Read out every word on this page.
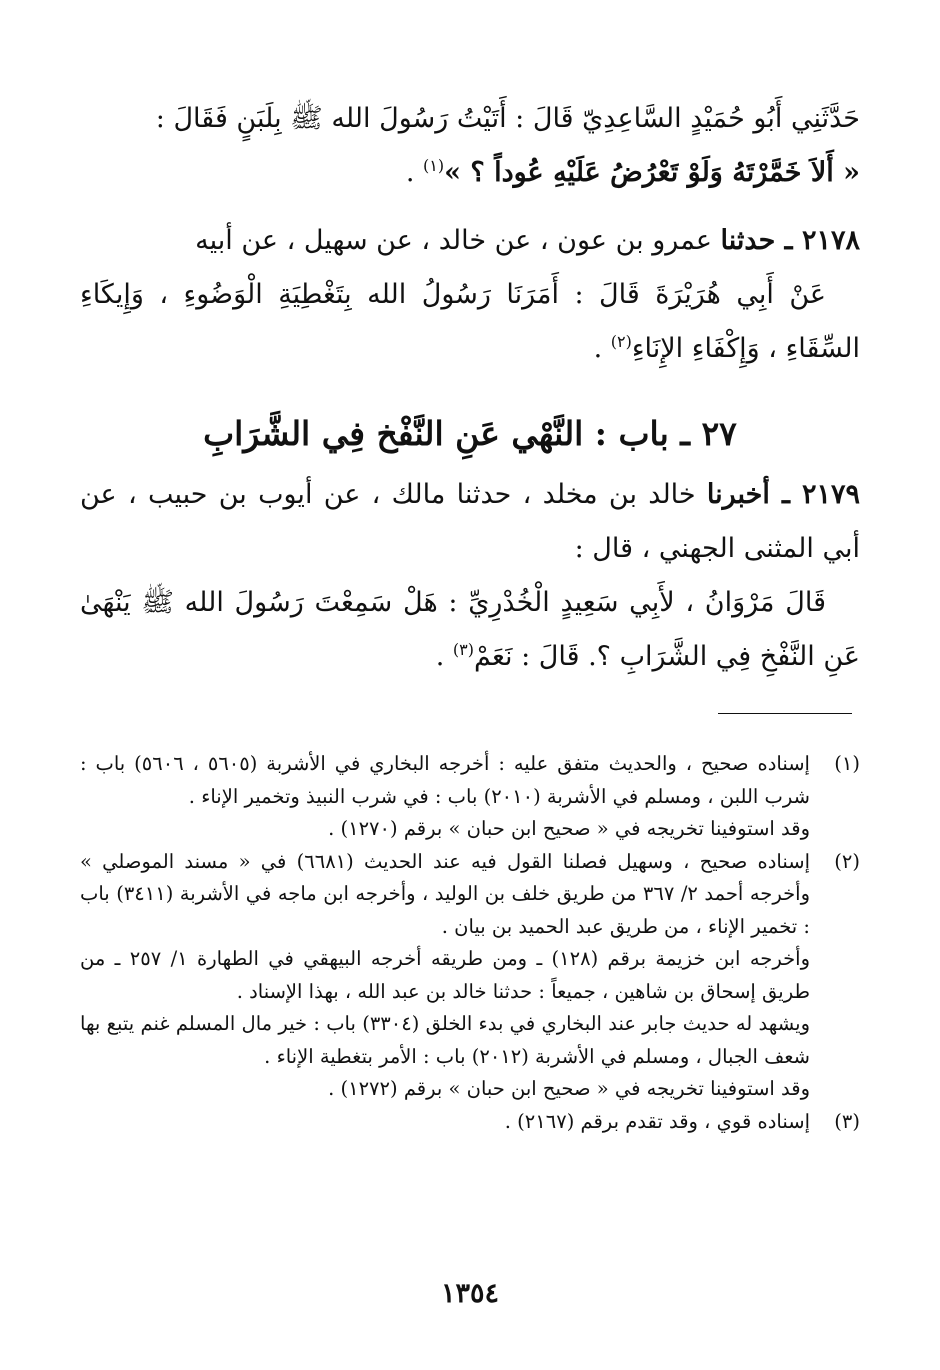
حَدَّثَنِي أَبُو حُمَيْدٍ السَّاعِدِيّ قَالَ : أَتَيْتُ رَسُولَ الله ﷺ بِلَبَنٍ فَقَالَ :
« أَلاَ خَمَّرْتَهُ وَلَوْ تَعْرُضُ عَلَيْهِ عُوداً ؟ »$^{(١)}$ .

٢١٧٨ ـ حدثنا عمرو بن عون ، عن خالد ، عن سهيل ، عن أبيه

عَنْ أَبِي هُرَيْرَةَ قَالَ : أَمَرَنَا رَسُولُ الله بِتَغْطِيَةِ الْوَضُوءِ ، وَإِيكَاءِ السِّقَاءِ ، وَإِكْفَاءِ الإِنَاءِ$^{(٢)}$ .

٢٧ ـ باب : النَّهْي عَنِ النَّفْخ فِي الشَّرَابِ

٢١٧٩ ـ أخبرنا خالد بن مخلد ، حدثنا مالك ، عن أيوب بن حبيب ، عن أبي المثنى الجهني ، قال :

قَالَ مَرْوَانُ ، لأَبِي سَعِيدٍ الْخُدْرِيِّ : هَلْ سَمِعْتَ رَسُولَ الله ﷺ يَنْهَىٰ عَنِ النَّفْخِ فِي الشَّرَابِ ؟. قَالَ : نَعَمْ$^{(٣)}$ .

(١)

إسناده صحيح ، والحديث متفق عليه : أخرجه البخاري في الأشربة (٥٦٠٥ ، ٥٦٠٦) باب : شرب اللبن ، ومسلم في الأشربة (٢٠١٠) باب : في شرب النبيذ وتخمير الإناء .

وقد استوفينا تخريجه في « صحيح ابن حبان » برقم (١٢٧٠) .

(٢)

إسناده صحيح ، وسهيل فصلنا القول فيه عند الحديث (٦٦٨١) في « مسند الموصلي » وأخرجه أحمد ٢/ ٣٦٧ من طريق خلف بن الوليد ، وأخرجه ابن ماجه في الأشربة (٣٤١١) باب : تخمير الإناء ، من طريق عبد الحميد بن بيان .

وأخرجه ابن خزيمة برقم (١٢٨) ـ ومن طريقه أخرجه البيهقي في الطهارة ١/ ٢٥٧ ـ من طريق إسحاق بن شاهين ، جميعاً : حدثنا خالد بن عبد الله ، بهذا الإسناد .

ويشهد له حديث جابر عند البخاري في بدء الخلق (٣٣٠٤) باب : خير مال المسلم غنم يتبع بها شعف الجبال ، ومسلم في الأشربة (٢٠١٢) باب : الأمر بتغطية الإناء .

وقد استوفينا تخريجه في « صحيح ابن حبان » برقم (١٢٧٢) .

(٣)

إسناده قوي ، وقد تقدم برقم (٢١٦٧) .

١٣٥٤
